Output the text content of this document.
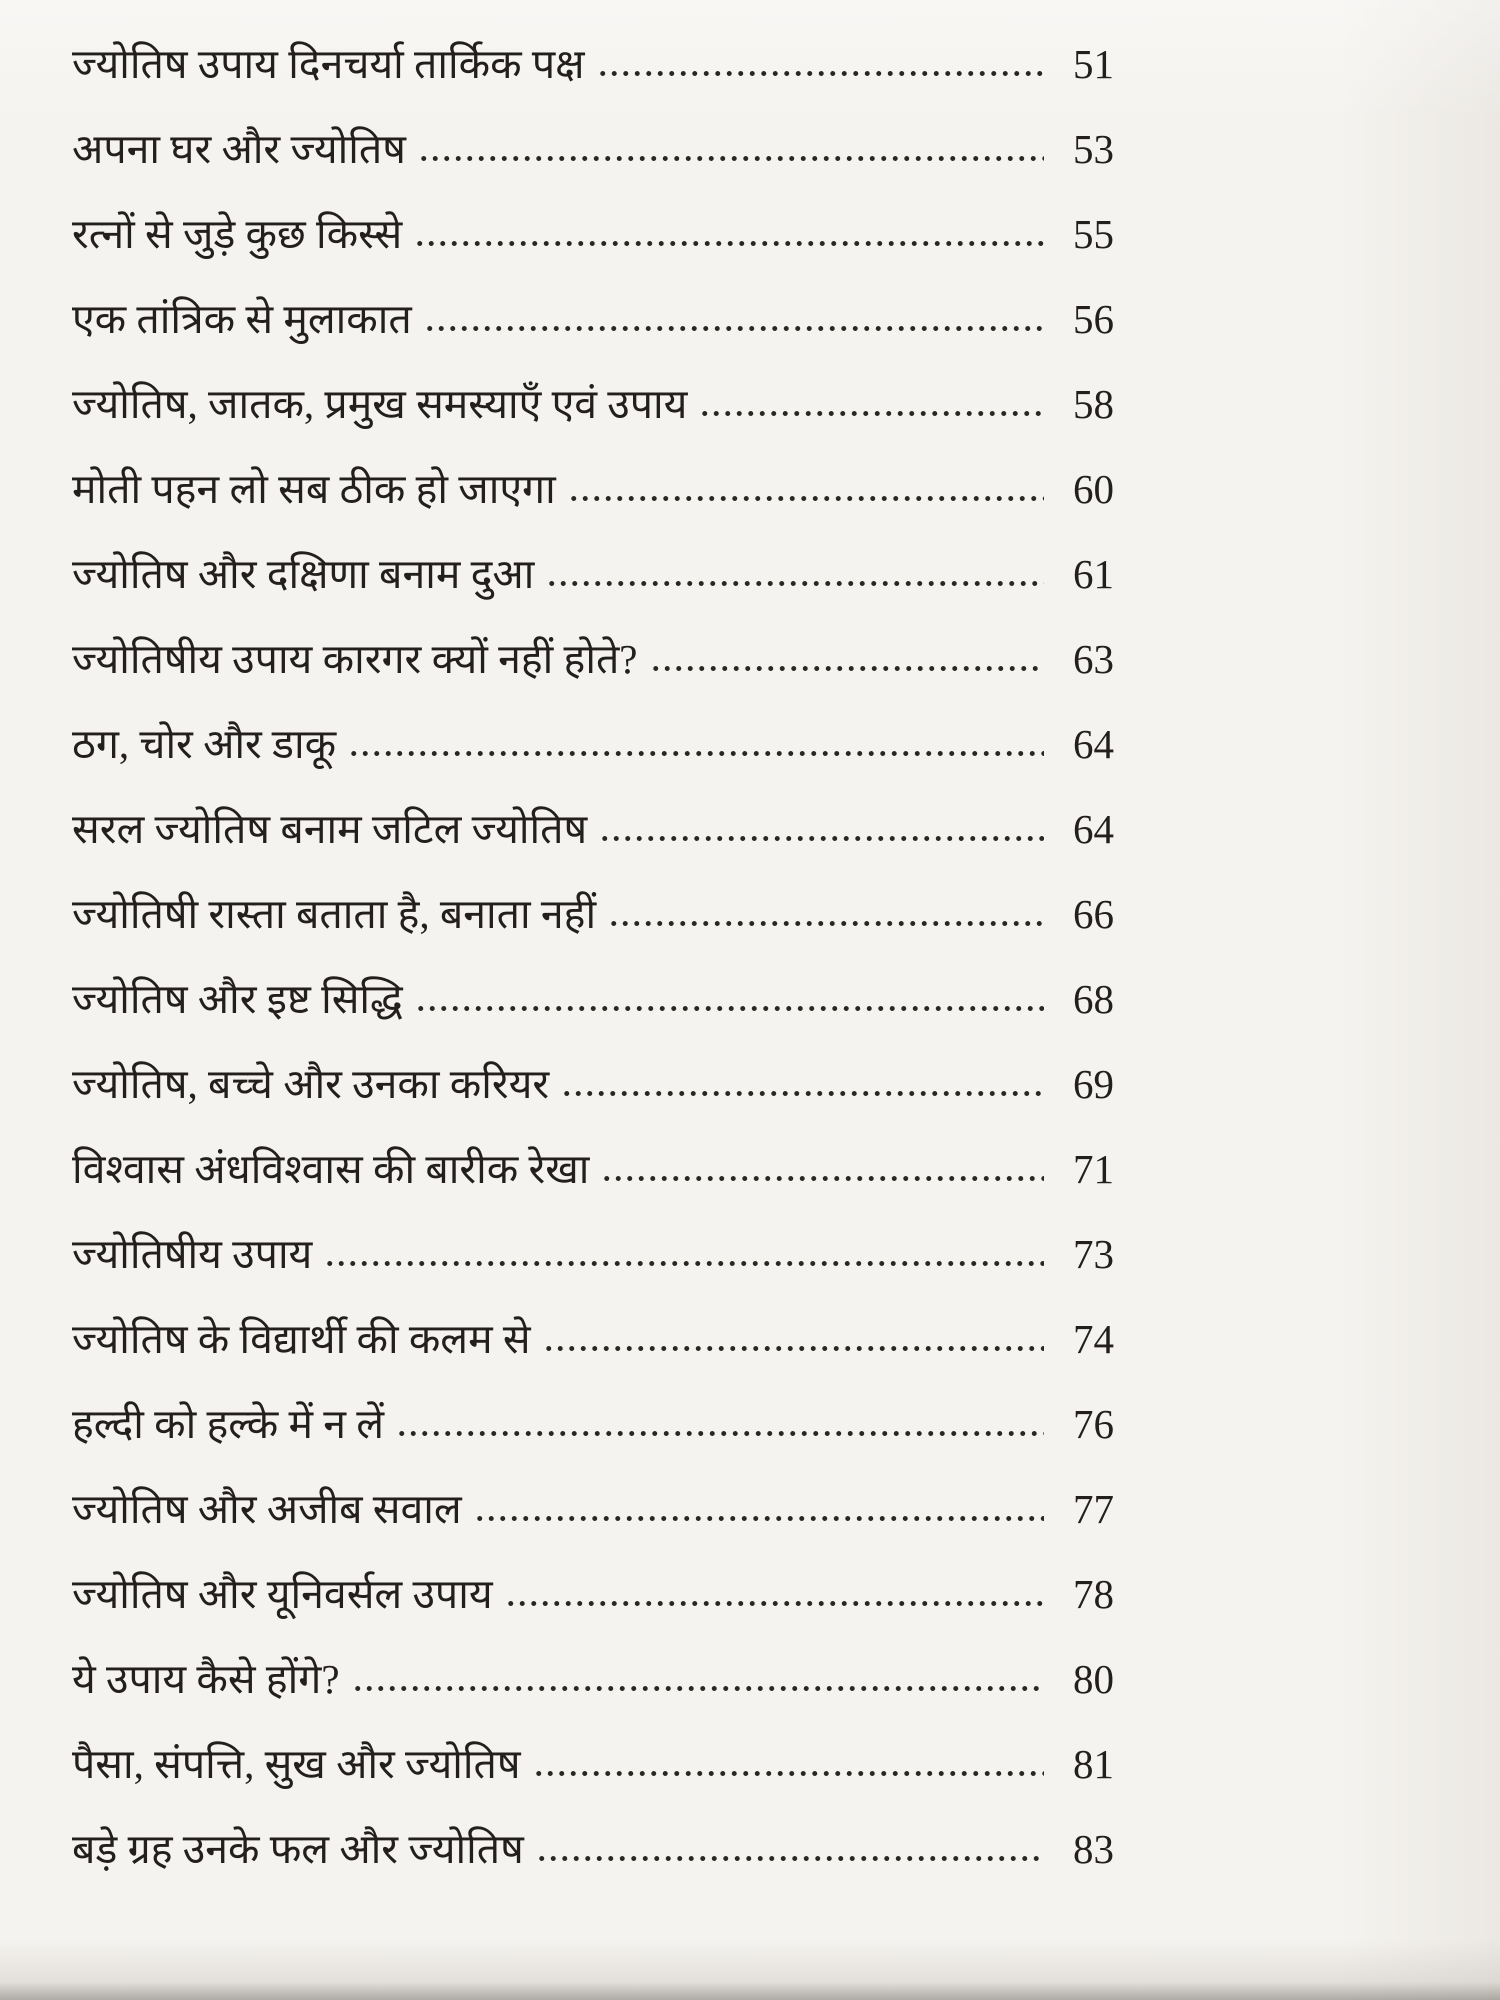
ज्योतिष उपाय दिनचर्या तार्किक पक्ष	51
अपना घर और ज्योतिष	53
रत्नों से जुड़े कुछ किस्से	55
एक तांत्रिक से मुलाकात	56
ज्योतिष, जातक, प्रमुख समस्याएँ एवं उपाय	58
मोती पहन लो सब ठीक हो जाएगा	60
ज्योतिष और दक्षिणा बनाम दुआ	61
ज्योतिषीय उपाय कारगर क्यों नहीं होते?	63
ठग, चोर और डाकू	64
सरल ज्योतिष बनाम जटिल ज्योतिष	64
ज्योतिषी रास्ता बताता है, बनाता नहीं	66
ज्योतिष और इष्ट सिद्धि	68
ज्योतिष, बच्चे और उनका करियर	69
विश्वास अंधविश्वास की बारीक रेखा	71
ज्योतिषीय उपाय	73
ज्योतिष के विद्यार्थी की कलम से	74
हल्दी को हल्के में न लें	76
ज्योतिष और अजीब सवाल	77
ज्योतिष और यूनिवर्सल उपाय	78
ये उपाय कैसे होंगे?	80
पैसा, संपत्ति, सुख और ज्योतिष	81
बड़े ग्रह उनके फल और ज्योतिष	83
